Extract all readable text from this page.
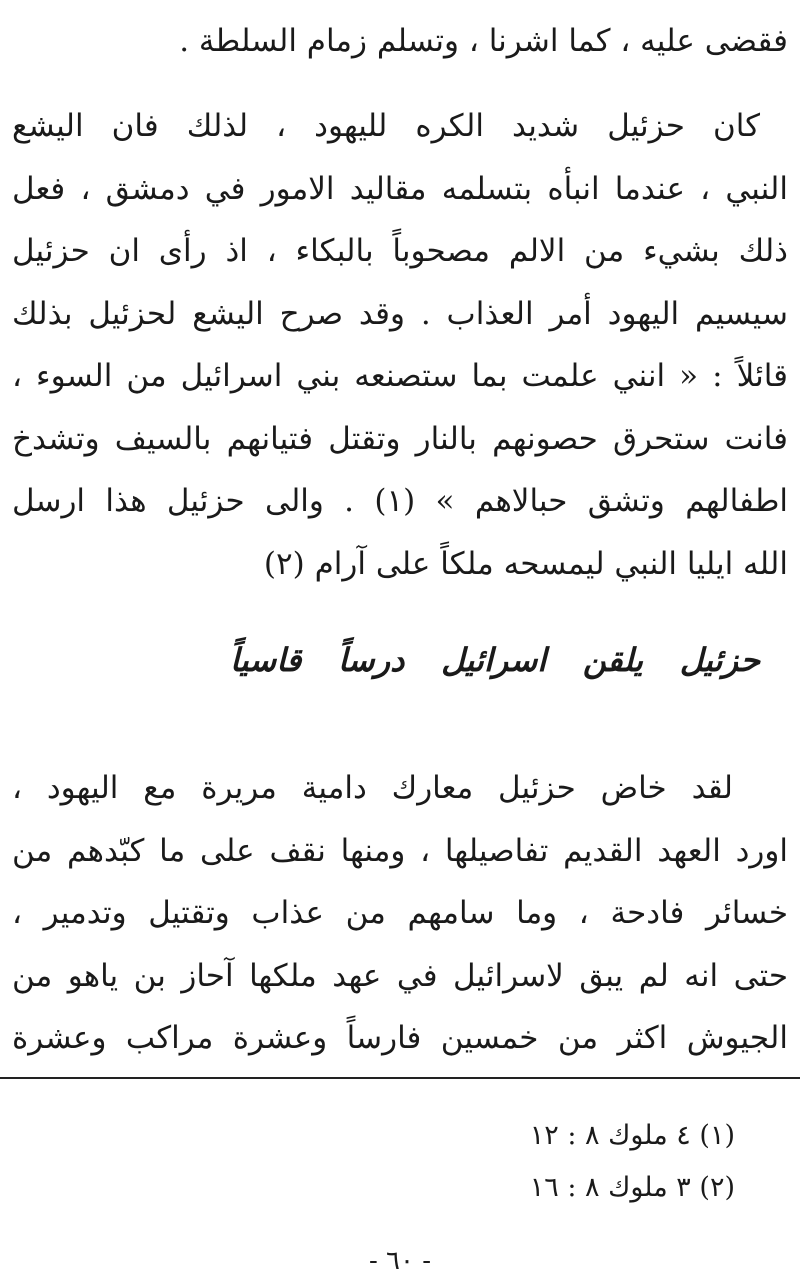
فقضى عليه ، كما اشرنا ، وتسلم زمام السلطة .
كان حزئيل شديد الكره لليهود ، لذلك فان اليشع
النبي ، عندما انبأه بتسلمه مقاليد الامور في دمشق ، فعل
ذلك بشيء من الالم مصحوباً بالبكاء ، اذ رأى ان حزئيل
سيسيم اليهود أمر العذاب . وقد صرح اليشع لحزئيل بذلك
قائلاً : « انني علمت بما ستصنعه بني اسرائيل من السوء ،
فانت ستحرق حصونهم بالنار وتقتل فتيانهم بالسيف وتشدخ
اطفالهم وتشق حبالاهم » (١) . والى حزئيل هذا ارسل
الله ايليا النبي ليمسحه ملكاً على آرام (٢)
حزئيل يلقن اسرائيل درساً قاسياً
لقد خاض حزئيل معارك دامية مريرة مع اليهود ،
اورد العهد القديم تفاصيلها ، ومنها نقف على ما كبّدهم من
خسائر فادحة ، وما سامهم من عذاب وتقتيل وتدمير ،
حتى انه لم يبق لاسرائيل في عهد ملكها آحاز بن ياهو من
الجيوش اكثر من خمسين فارساً وعشرة مراكب وعشرة
(١) ٤ ملوك ٨ : ١٢
(٢) ٣ ملوك ٨ : ١٦
- ٦٠ -
